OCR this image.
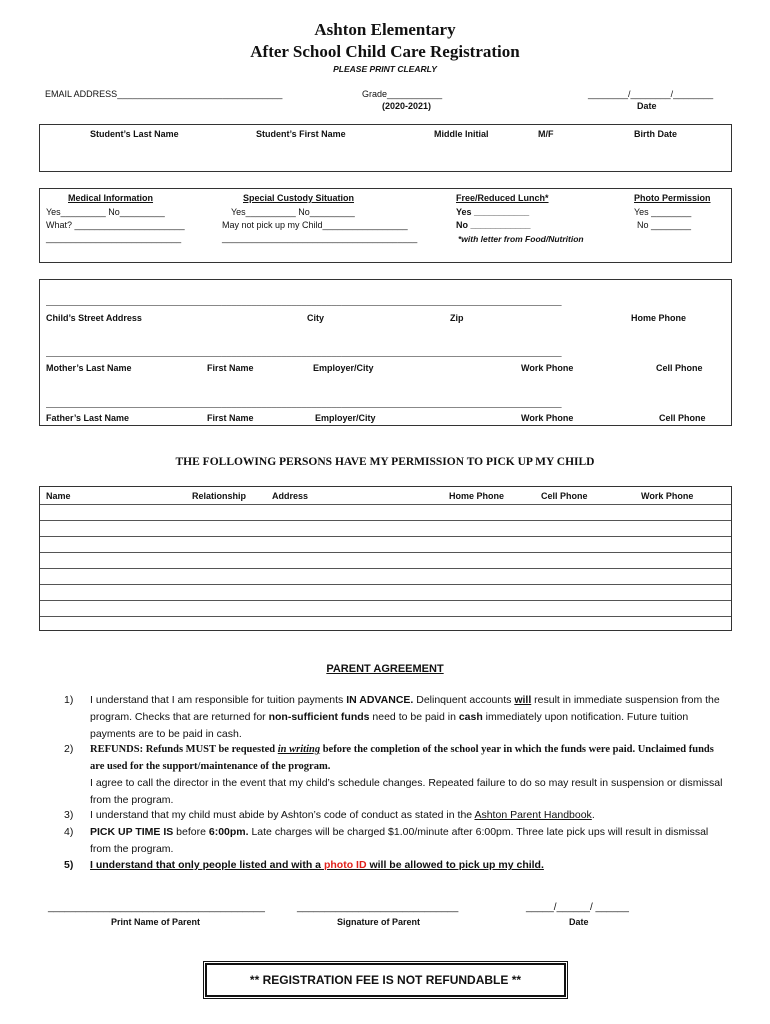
Ashton Elementary
After School Child Care Registration
PLEASE PRINT CLEARLY
EMAIL ADDRESS_________________________________	Grade___________
(2020-2021)
________/________/________
Date
Student’s Last Name	Student’s First Name	Middle Initial	M/F	Birth Date
Medical Information
Yes_________ No_________
What? ______________________
___________________________
Special Custody Situation
Yes__________ No_________
May not pick up my Child_________________
_______________________________________
Free/Reduced Lunch*
Yes ___________
No ____________
*with letter from Food/Nutrition
Photo Permission
Yes ________
No ________
_______________________________________________________________________________________________________
Child’s Street Address	City	Zip	Home Phone
_______________________________________________________________________________________________________
Mother’s Last Name	First Name	Employer/City	Work Phone	Cell Phone
_______________________________________________________________________________________________________
Father’s Last Name	First Name	Employer/City	Work Phone	Cell Phone
THE FOLLOWING PERSONS HAVE MY PERMISSION TO PICK UP MY CHILD
Name	Relationship	Address	Home Phone	Cell Phone	Work Phone
PARENT AGREEMENT
1)	I understand that I am responsible for tuition payments IN ADVANCE. Delinquent accounts will result in immediate suspension from the program. Checks that are returned for non-sufficient funds need to be paid in cash immediately upon notification. Future tuition payments are to be paid in cash.
2)	REFUNDS: Refunds MUST be requested in writing before the completion of the school year in which the funds were paid. Unclaimed funds are used for the support/maintenance of the program.
I agree to call the director in the event that my child’s schedule changes. Repeated failure to do so may result in suspension or dismissal from the program.
3)	I understand that my child must abide by Ashton’s code of conduct as stated in the Ashton Parent Handbook.
4)	PICK UP TIME IS before 6:00pm. Late charges will be charged $1.00/minute after 6:00pm. Three late pick ups will result in dismissal from the program.
5)	I understand that only people listed and with a photo ID will be allowed to pick up my child.
_______________________________________
Print Name of Parent
_____________________________
Signature of Parent
_____/______/ ______
Date
** REGISTRATION FEE IS NOT REFUNDABLE **
